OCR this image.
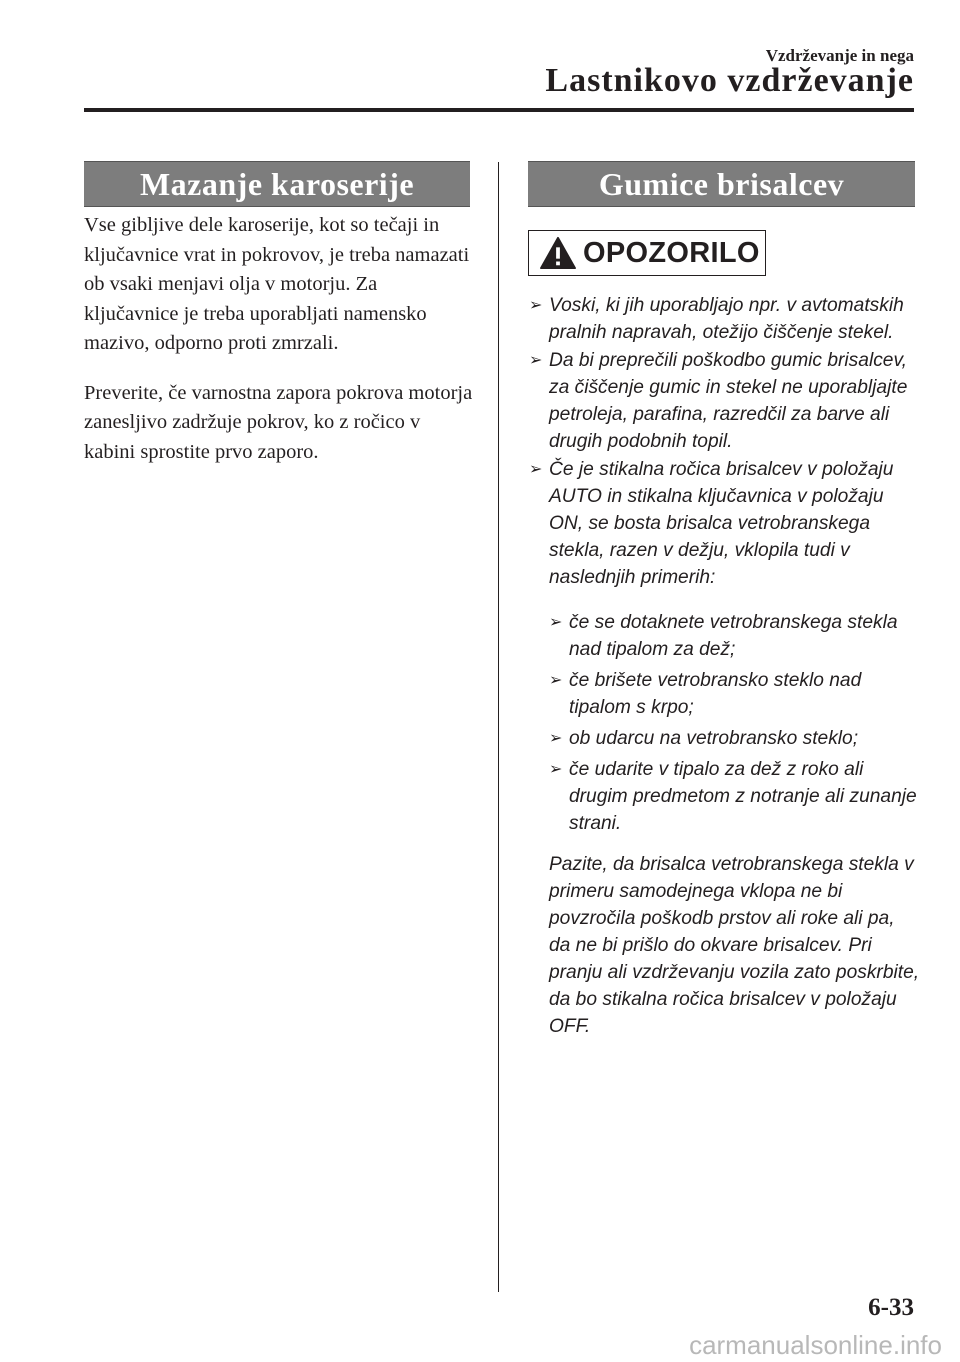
Vzdrževanje in nega
Lastnikovo vzdrževanje
Mazanje karoserije

Vse gibljive dele karoserije, kot so tečaji in ključavnice vrat in pokrovov, je treba namazati ob vsaki menjavi olja v motorju. Za ključavnice je treba uporabljati namensko mazivo, odporno proti zmrzali.

Preverite, če varnostna zapora pokrova motorja zanesljivo zadržuje pokrov, ko z ročico v kabini sprostite prvo zaporo.

Gumice brisalcev
OPOZORILO
➢ Voski, ki jih uporabljajo npr. v avtomatskih pralnih napravah, otežijo čiščenje stekel.
➢ Da bi preprečili poškodbo gumic brisalcev, za čiščenje gumic in stekel ne uporabljajte petroleja, parafina, razredčil za barve ali drugih podobnih topil.
➢ Če je stikalna ročica brisalcev v položaju AUTO in stikalna ključavnica v položaju ON, se bosta brisalca vetrobranskega stekla, razen v dežju, vklopila tudi v naslednjih primerih:
➢ če se dotaknete vetrobranskega stekla nad tipalom za dež;
➢ če brišete vetrobransko steklo nad tipalom s krpo;
➢ ob udarcu na vetrobransko steklo;
➢ če udarite v tipalo za dež z roko ali drugim predmetom z notranje ali zunanje strani.

Pazite, da brisalca vetrobranskega stekla v primeru samodejnega vklopa ne bi povzročila poškodb prstov ali roke ali pa, da ne bi prišlo do okvare brisalcev. Pri pranju ali vzdrževanju vozila zato poskrbite, da bo stikalna ročica brisalcev v položaju OFF.

6-33
carmanualsonline.info
